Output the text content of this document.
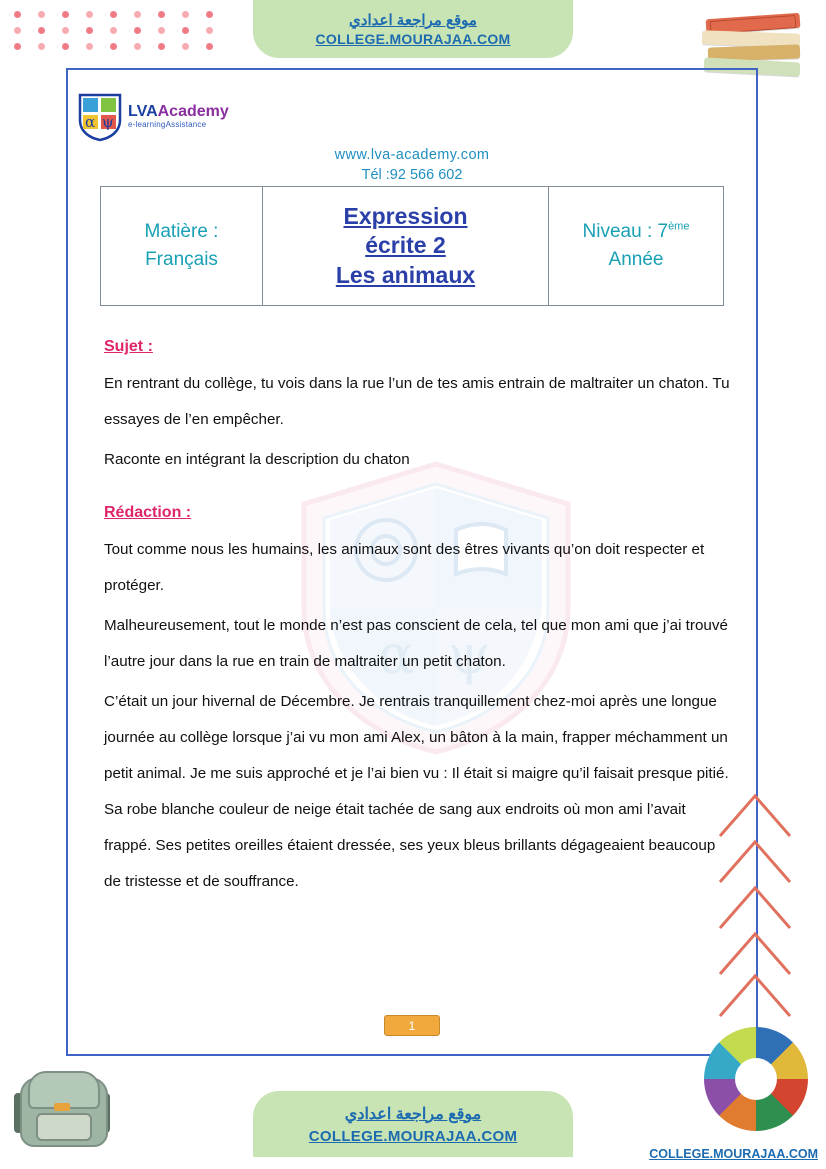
موقع مراجعة اعدادي
COLLEGE.MOURAJAA.COM
α ψ
α ψ
LVAAcademy
e-learningAssistance
www.lva-academy.com
Tél :92 566 602
Matière :
Français
Expression
écrite 2
Les animaux
Niveau : 7ème
Année
Sujet :

En rentrant du collège, tu vois dans la rue l’un de tes amis entrain de maltraiter un chaton. Tu essayes de l’en empêcher.

Raconte en intégrant la description du chaton

Rédaction :

Tout comme nous les humains, les animaux sont des êtres vivants qu’on doit respecter et protéger.

Malheureusement, tout le monde n’est pas conscient de cela, tel que mon ami que j’ai trouvé l’autre jour dans la rue en train de maltraiter un petit chaton.

C’était un jour hivernal de Décembre. Je rentrais tranquillement chez-moi après une longue journée au collège lorsque j’ai vu mon ami Alex, un bâton à la main, frapper méchamment un petit animal. Je me suis approché et je l’ai bien vu : Il était si maigre qu’il faisait presque pitié. Sa robe blanche couleur de neige était tachée de sang aux endroits où mon ami l’avait frappé. Ses petites oreilles étaient dressée, ses yeux bleus brillants dégageaient beaucoup de tristesse et de souffrance.

1
موقع مراجعة اعدادي
COLLEGE.MOURAJAA.COM
COLLEGE.MOURAJAA.COM
